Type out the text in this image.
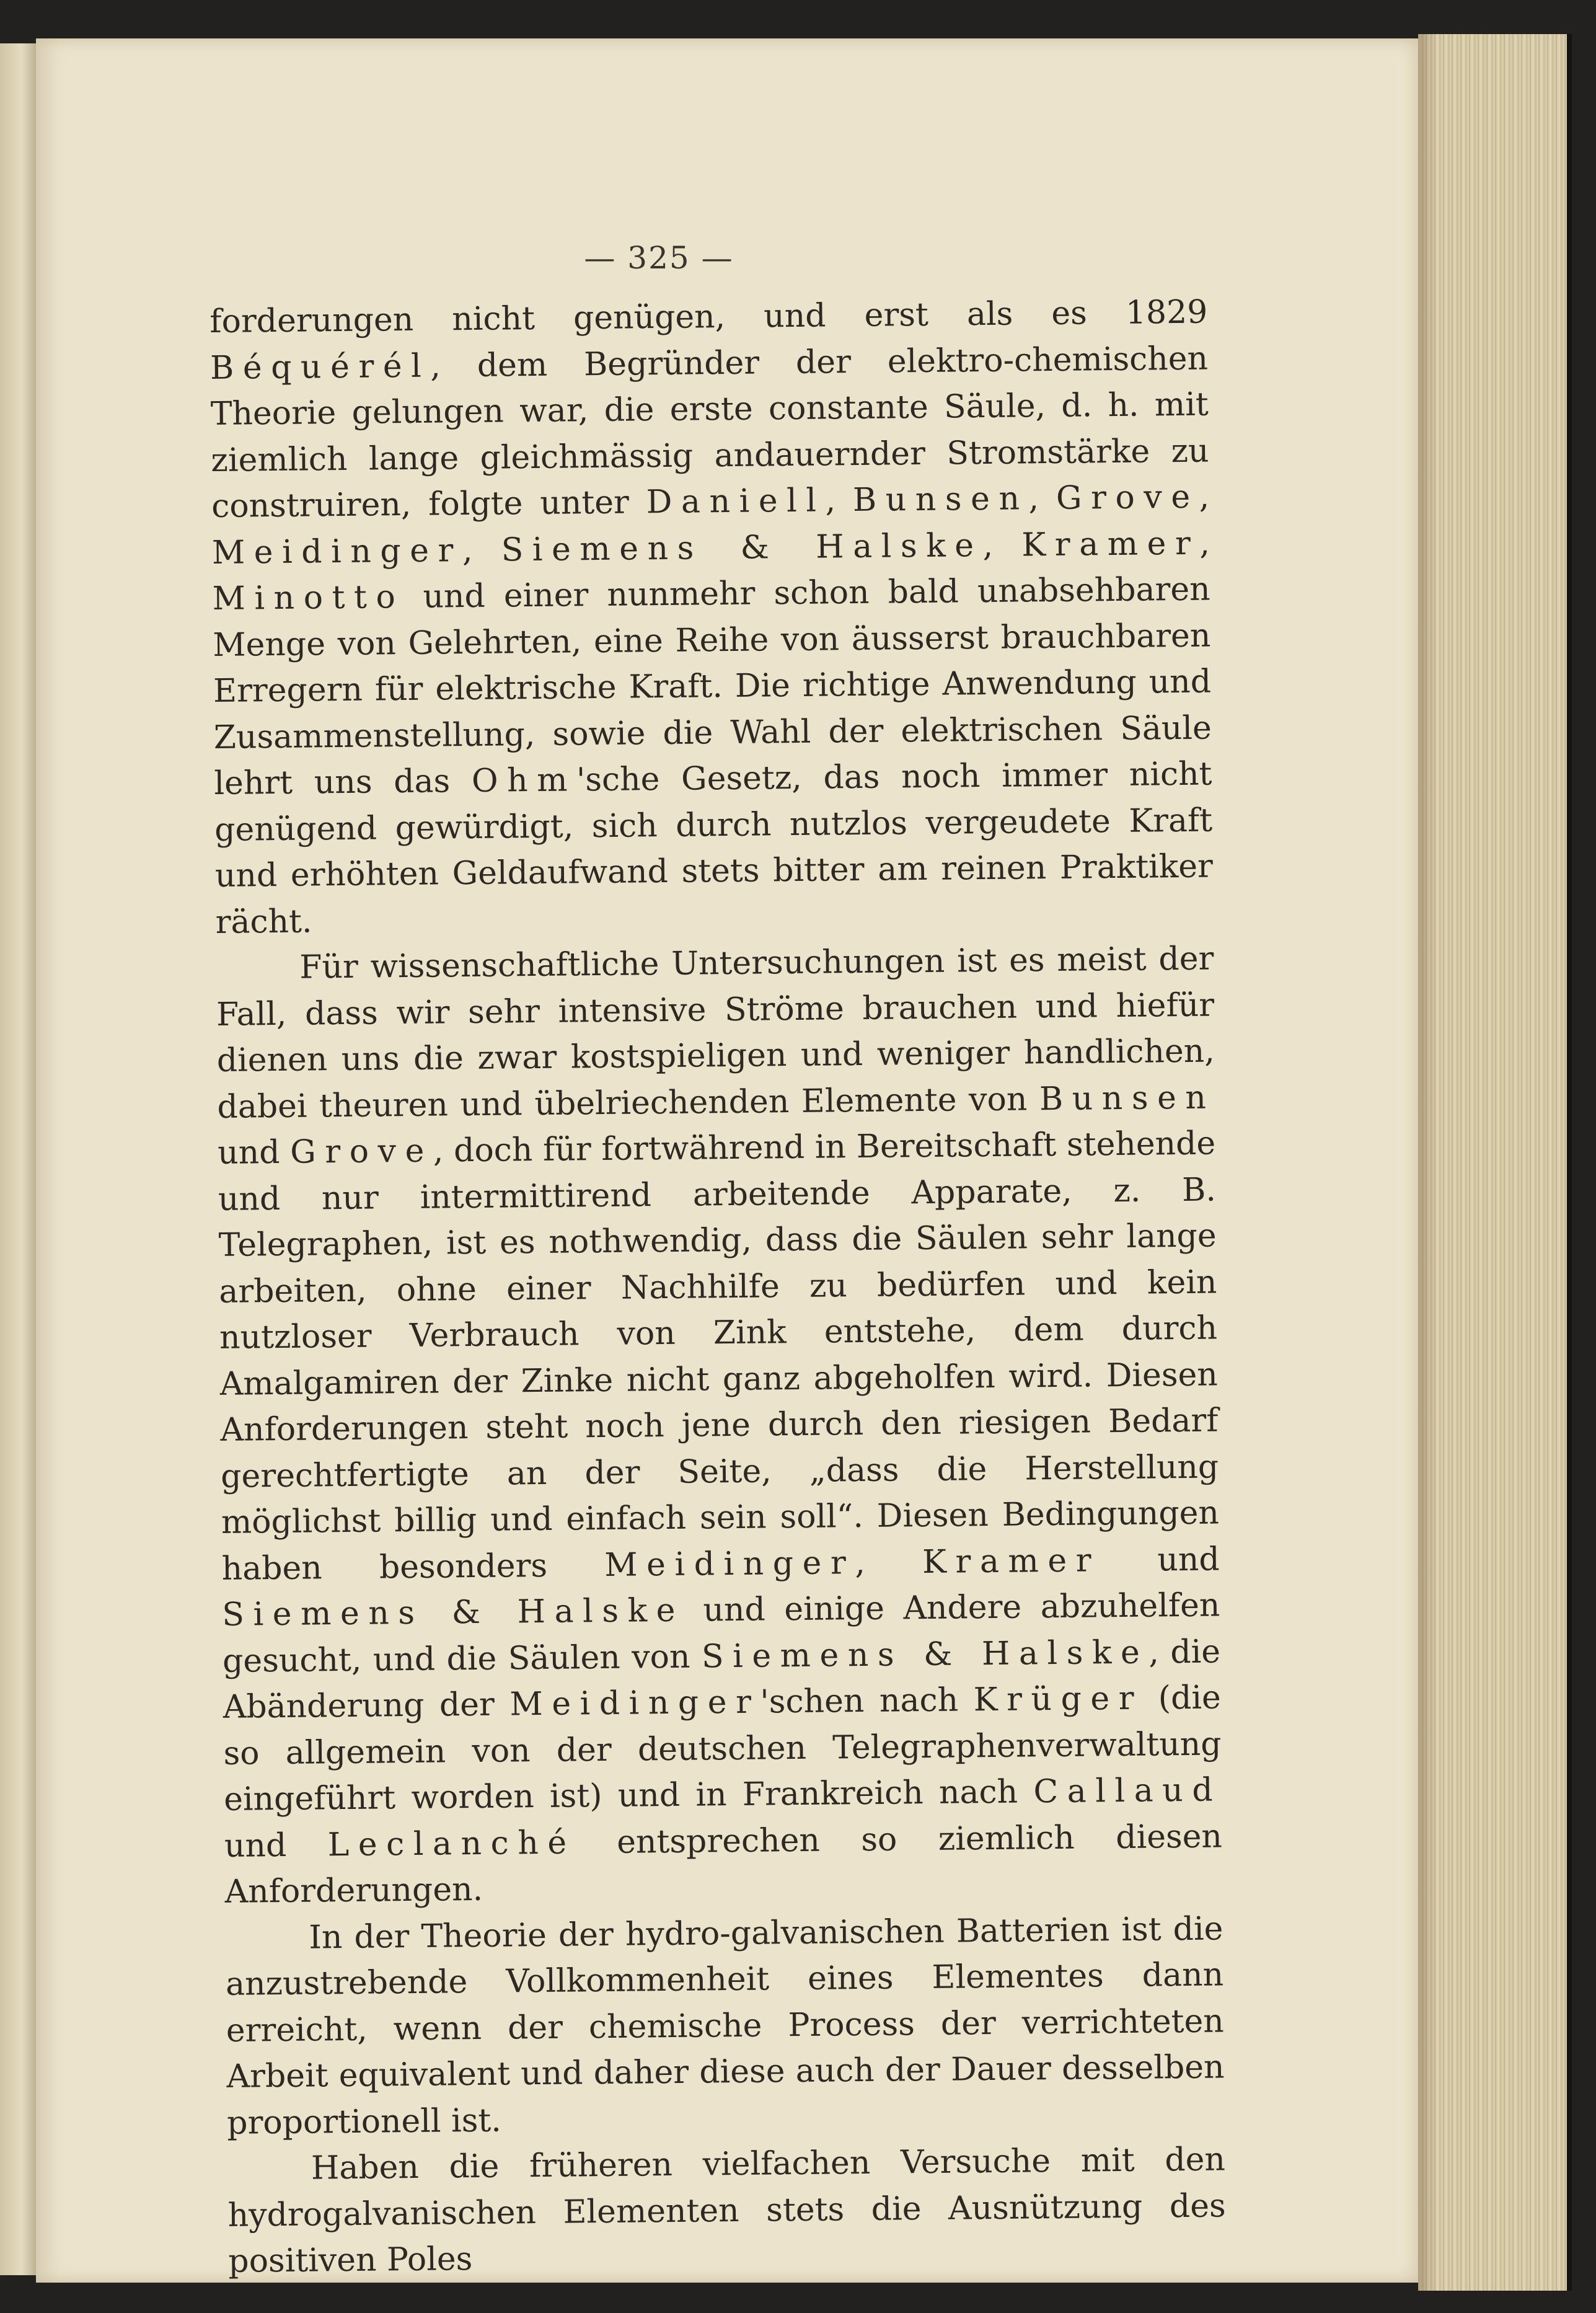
— 325 —

forderungen nicht genügen, und erst als es 1829 Béquérél, dem Begründer der elektro-chemischen Theorie gelungen war, die erste constante Säule, d. h. mit ziemlich lange gleichmässig andauernder Stromstärke zu construiren, folgte unter Daniell, Bunsen, Grove, Meidinger, Siemens & Halske, Kramer, Minotto und einer nunmehr schon bald unabsehbaren Menge von Gelehrten, eine Reihe von äusserst brauchbaren Erregern für elektrische Kraft. Die richtige Anwendung und Zusammenstellung, sowie die Wahl der elektrischen Säule lehrt uns das Ohm'sche Gesetz, das noch immer nicht genügend gewürdigt, sich durch nutzlos vergeudete Kraft und erhöhten Geldaufwand stets bitter am reinen Praktiker rächt.

Für wissenschaftliche Untersuchungen ist es meist der Fall, dass wir sehr intensive Ströme brauchen und hiefür dienen uns die zwar kostspieligen und weniger handlichen, dabei theuren und übelriechenden Elemente von Bunsen und Grove, doch für fortwährend in Bereitschaft stehende und nur intermittirend arbeitende Apparate, z. B. Telegraphen, ist es nothwendig, dass die Säulen sehr lange arbeiten, ohne einer Nachhilfe zu bedürfen und kein nutzloser Verbrauch von Zink entstehe, dem durch Amalgamiren der Zinke nicht ganz abgeholfen wird. Diesen Anforderungen steht noch jene durch den riesigen Bedarf gerechtfertigte an der Seite, „dass die Herstellung möglichst billig und einfach sein soll“. Diesen Bedingungen haben besonders Meidinger, Kramer und Siemens & Halske und einige Andere abzuhelfen gesucht, und die Säulen von Siemens & Halske, die Abänderung der Meidinger'schen nach Krüger (die so allgemein von der deutschen Telegraphenverwaltung eingeführt worden ist) und in Frankreich nach Callaud und Leclanché entsprechen so ziemlich diesen Anforderungen.

In der Theorie der hydro-galvanischen Batterien ist die anzustrebende Vollkommenheit eines Elementes dann erreicht, wenn der chemische Process der verrichteten Arbeit equivalent und daher diese auch der Dauer desselben proportionell ist.

Haben die früheren vielfachen Versuche mit den hydrogalvanischen Elementen stets die Ausnützung des positiven Poles
